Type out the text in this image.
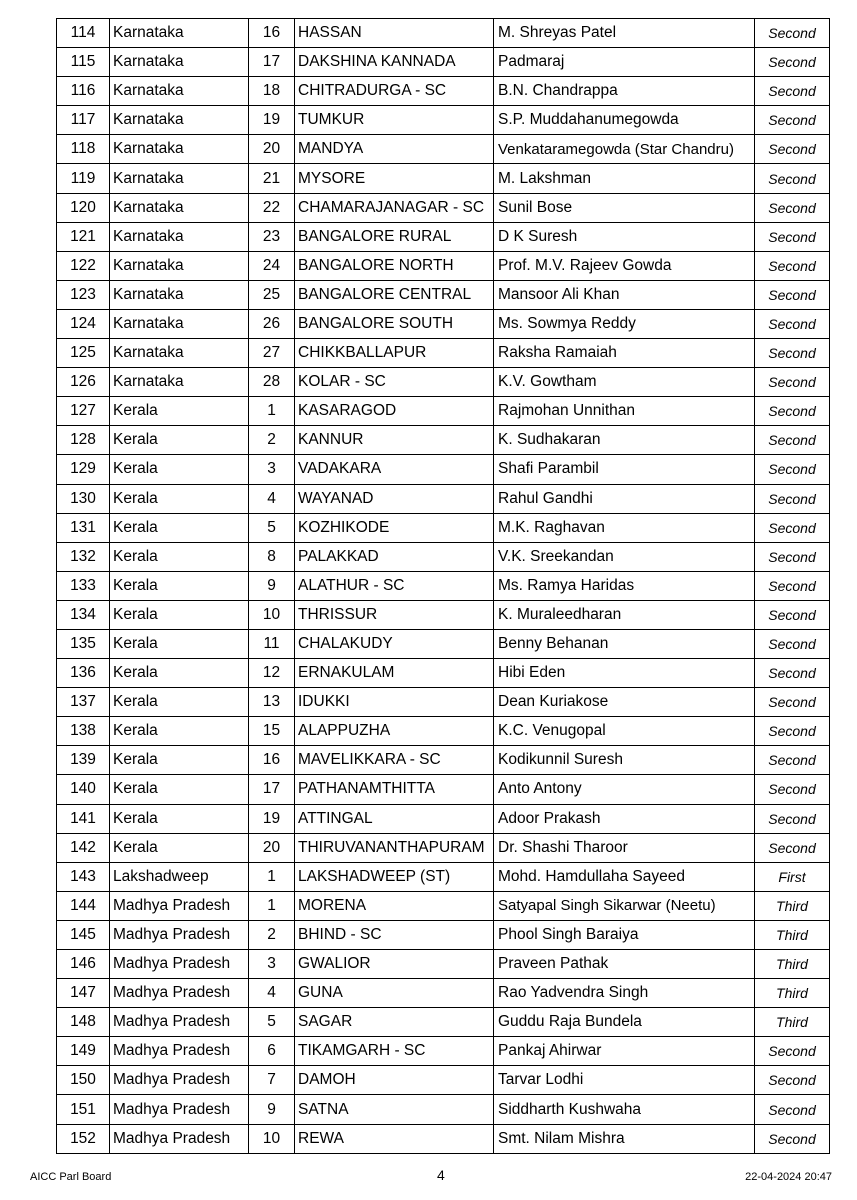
114	Karnataka	16	HASSAN	M. Shreyas Patel	Second
115	Karnataka	17	DAKSHINA KANNADA	Padmaraj	Second
116	Karnataka	18	CHITRADURGA - SC	B.N. Chandrappa	Second
117	Karnataka	19	TUMKUR	S.P. Muddahanumegowda	Second
118	Karnataka	20	MANDYA	Venkataramegowda (Star Chandru)	Second
119	Karnataka	21	MYSORE	M. Lakshman	Second
120	Karnataka	22	CHAMARAJANAGAR - SC	Sunil Bose	Second
121	Karnataka	23	BANGALORE RURAL	D K Suresh	Second
122	Karnataka	24	BANGALORE NORTH	Prof. M.V. Rajeev Gowda	Second
123	Karnataka	25	BANGALORE CENTRAL	Mansoor Ali Khan	Second
124	Karnataka	26	BANGALORE SOUTH	Ms. Sowmya Reddy	Second
125	Karnataka	27	CHIKKBALLAPUR	Raksha Ramaiah	Second
126	Karnataka	28	KOLAR - SC	K.V. Gowtham	Second
127	Kerala	1	KASARAGOD	Rajmohan Unnithan	Second
128	Kerala	2	KANNUR	K. Sudhakaran	Second
129	Kerala	3	VADAKARA	Shafi Parambil	Second
130	Kerala	4	WAYANAD	Rahul Gandhi	Second
131	Kerala	5	KOZHIKODE	M.K. Raghavan	Second
132	Kerala	8	PALAKKAD	V.K. Sreekandan	Second
133	Kerala	9	ALATHUR - SC	Ms. Ramya Haridas	Second
134	Kerala	10	THRISSUR	K. Muraleedharan	Second
135	Kerala	11	CHALAKUDY	Benny Behanan	Second
136	Kerala	12	ERNAKULAM	Hibi Eden	Second
137	Kerala	13	IDUKKI	Dean Kuriakose	Second
138	Kerala	15	ALAPPUZHA	K.C. Venugopal	Second
139	Kerala	16	MAVELIKKARA - SC	Kodikunnil Suresh	Second
140	Kerala	17	PATHANAMTHITTA	Anto Antony	Second
141	Kerala	19	ATTINGAL	Adoor Prakash	Second
142	Kerala	20	THIRUVANANTHAPURAM	Dr. Shashi Tharoor	Second
143	Lakshadweep	1	LAKSHADWEEP (ST)	Mohd. Hamdullaha Sayeed	First
144	Madhya Pradesh	1	MORENA	Satyapal Singh Sikarwar (Neetu)	Third
145	Madhya Pradesh	2	BHIND - SC	Phool Singh Baraiya	Third
146	Madhya Pradesh	3	GWALIOR	Praveen Pathak	Third
147	Madhya Pradesh	4	GUNA	Rao Yadvendra Singh	Third
148	Madhya Pradesh	5	SAGAR	Guddu Raja Bundela	Third
149	Madhya Pradesh	6	TIKAMGARH - SC	Pankaj Ahirwar	Second
150	Madhya Pradesh	7	DAMOH	Tarvar Lodhi	Second
151	Madhya Pradesh	9	SATNA	Siddharth Kushwaha	Second
152	Madhya Pradesh	10	REWA	Smt. Nilam Mishra	Second
AICC Parl Board	4	22-04-2024 20:47
